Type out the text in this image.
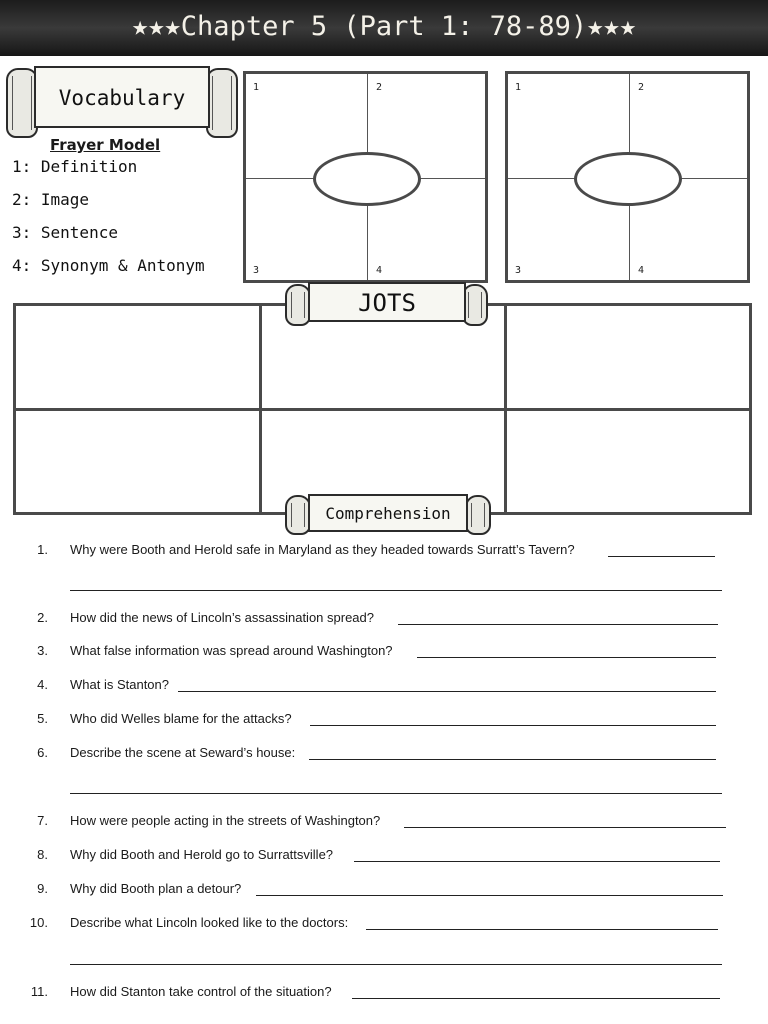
★★★Chapter 5 (Part 1: 78-89)★★★
Vocabulary
Frayer Model
1: Definition
2: Image
3: Sentence
4: Synonym & Antonym
1	2
3	4
1	2
3	4
JOTS
Comprehension
1. Why were Booth and Herold safe in Maryland as they headed towards Surratt’s Tavern?
2. How did the news of Lincoln’s assassination spread?
3. What false information was spread around Washington?
4. What is Stanton?
5. Who did Welles blame for the attacks?
6. Describe the scene at Seward’s house:
7. How were people acting in the streets of Washington?
8. Why did Booth and Herold go to Surrattsville?
9. Why did Booth plan a detour?
10. Describe what Lincoln looked like to the doctors:
11. How did Stanton take control of the situation?
